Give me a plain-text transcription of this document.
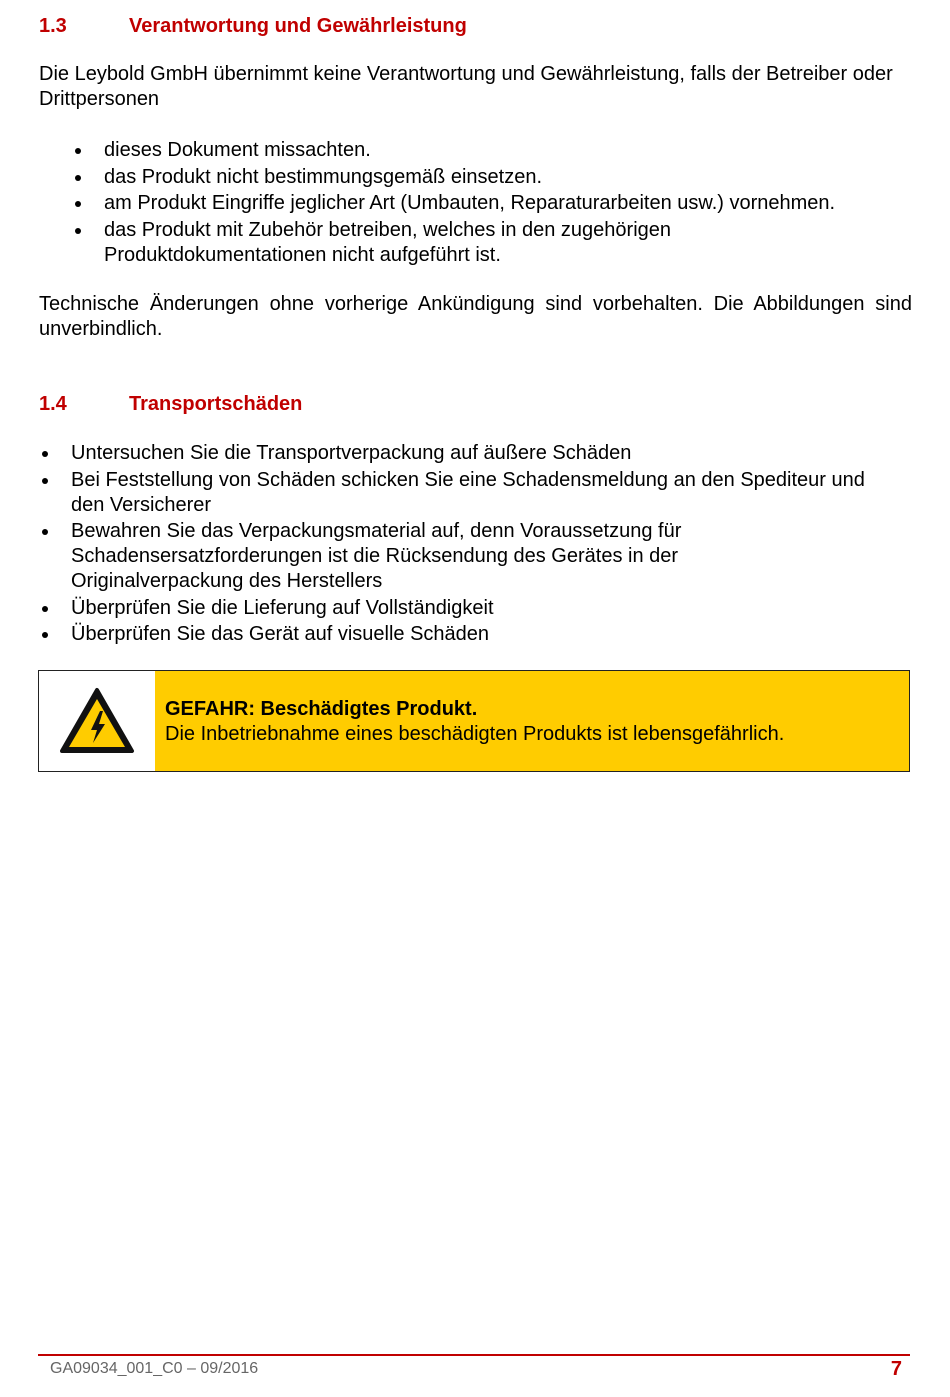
1.3	Verantwortung und Gewährleistung
Die Leybold GmbH übernimmt keine Verantwortung und Gewährleistung, falls der Betreiber oder Drittpersonen
dieses Dokument missachten.
das Produkt nicht bestimmungsgemäß einsetzen.
am Produkt Eingriffe jeglicher Art (Umbauten, Reparaturarbeiten usw.) vornehmen.
das Produkt mit Zubehör betreiben, welches in den zugehörigen Produktdokumentationen nicht aufgeführt ist.
Technische Änderungen ohne vorherige Ankündigung sind vorbehalten. Die Abbildungen sind unverbindlich.
1.4	Transportschäden
Untersuchen Sie die Transportverpackung auf äußere Schäden
Bei Feststellung von Schäden schicken Sie eine Schadensmeldung an den Spediteur und den Versicherer
Bewahren Sie das Verpackungsmaterial auf, denn Voraussetzung für Schadensersatzforderungen ist die Rücksendung des Gerätes in der Originalverpackung des Herstellers
Überprüfen Sie die Lieferung auf Vollständigkeit
Überprüfen Sie das Gerät auf visuelle Schäden
GEFAHR: Beschädigtes Produkt.
Die Inbetriebnahme eines beschädigten Produkts ist lebensgefährlich.
GA09034_001_C0 – 09/2016	7
